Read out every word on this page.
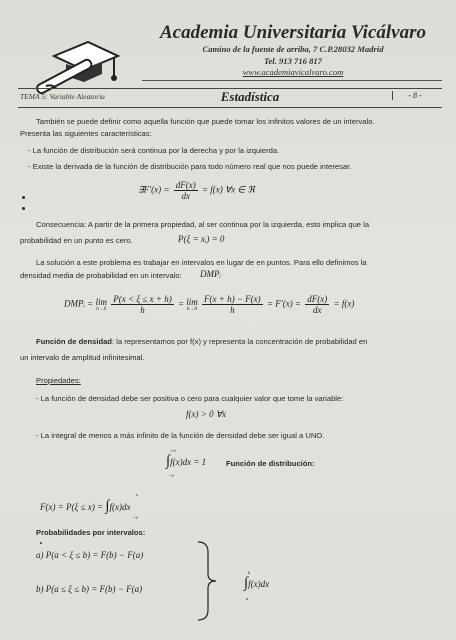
Academia Universitaria Vicálvaro
Camino de la fuente de arriba, 7 C.P.28032 Madrid
Tel. 913 716 817
www.academiavicalvaro.com
TEMA 5: Variable Aleatoria	Estadística	- 8 -
También se puede definir como aquella función que puede tomar los infinitos valores de un intervalo.
Presenta las siguientes características:
- La función de distribución será continua por la derecha y por la izquierda.
- Existe la derivada de la función de distribución para todo número real que nos puede interesar.
∃F′(x) = $\frac{dF(x)}{dx} = f(x)$ ∀x ∈ ℜ
Consecuencia: A partir de la primera propiedad, al ser continua por la izquierda, esto implica que la
probabilidad en un punto es cero.	P(ξ = xᵢ) = 0
La solución a este problema es trabajar en intervalos en lugar de en puntos. Para ello definimos la
densidad media de probabilidad en un intervalo: DMPᵢ
DMPᵢ = lim
h→0
$\frac{P(x < \xi \le x + h)}{h} = \lim$
h→0
$\frac{F(x + h) - F(x)}{h} = F'(x) = \frac{dF(x)}{dx} = f(x)$
Función de densidad: la representamos por f(x) y representa la concentración de probabilidad en
un intervalo de amplitud infinitesimal.
Propiedades:
- La función de densidad debe ser positiva o cero para cualquier valor que tome la variable:
f(x) > 0 ∀x
- La integral de menos a más infinito de la función de densidad debe ser igual a UNO.
∫f(x)dx = 1
+∞
−∞
Función de distribución:
F(x) = P(ξ ≤ x) = ∫f(x)dx
x
−∞
Probabilidades por intervalos:
a) P(a < ξ ≤ b) = F(b) − F(a)
b) P(a ≤ ξ ≤ b) = F(b) − F(a)	∫f(x)dx
b
a
